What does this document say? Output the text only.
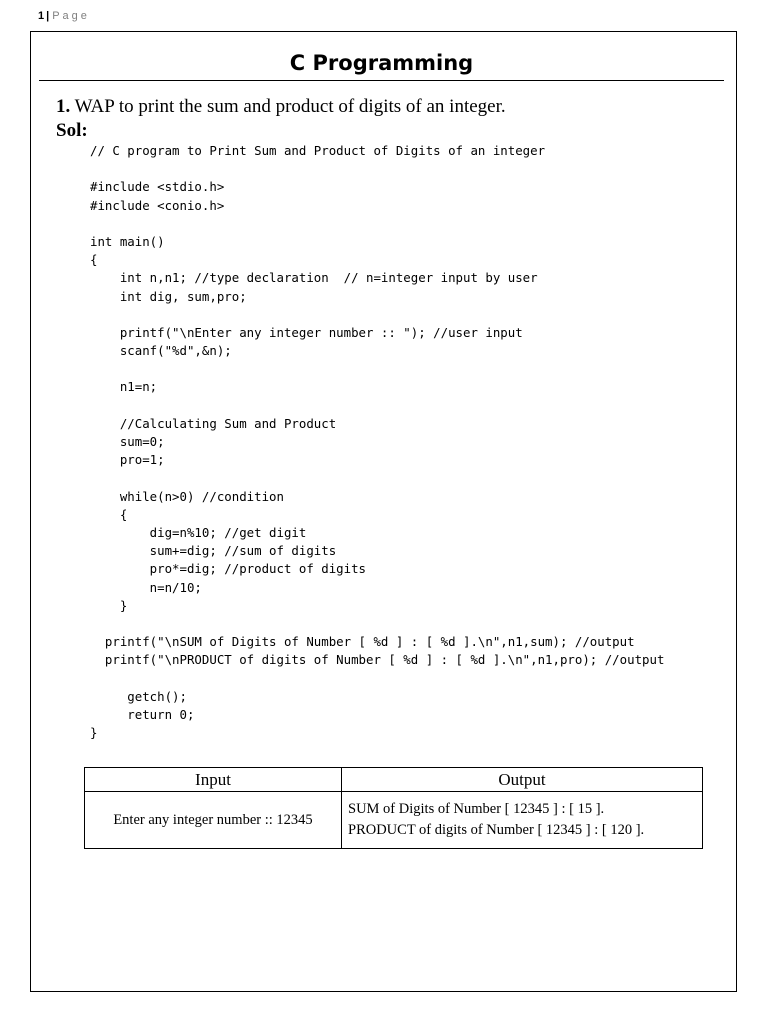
1 | Page
C Programming
1. WAP to print the sum and product of digits of an integer.
Sol:
// C program to Print Sum and Product of Digits of an integer
#include <stdio.h>
#include <conio.h>
int main()
{
int n,n1; //type declaration  // n=integer input by user
int dig, sum,pro;
printf("\nEnter any integer number :: "); //user input
scanf("%d",&n);
n1=n;
//Calculating Sum and Product
sum=0;
pro=1;
while(n>0) //condition
{
dig=n%10; //get digit
sum+=dig; //sum of digits
pro*=dig; //product of digits
n=n/10;
}
printf("\nSUM of Digits of Number [ %d ] : [ %d ].\n",n1,sum); //output
printf("\nPRODUCT of digits of Number [ %d ] : [ %d ].\n",n1,pro); //output
getch();
return 0;
}
Input	Output
Enter any integer number :: 12345	SUM of Digits of Number [ 12345 ] : [ 15 ].
PRODUCT of digits of Number [ 12345 ] : [ 120 ].
